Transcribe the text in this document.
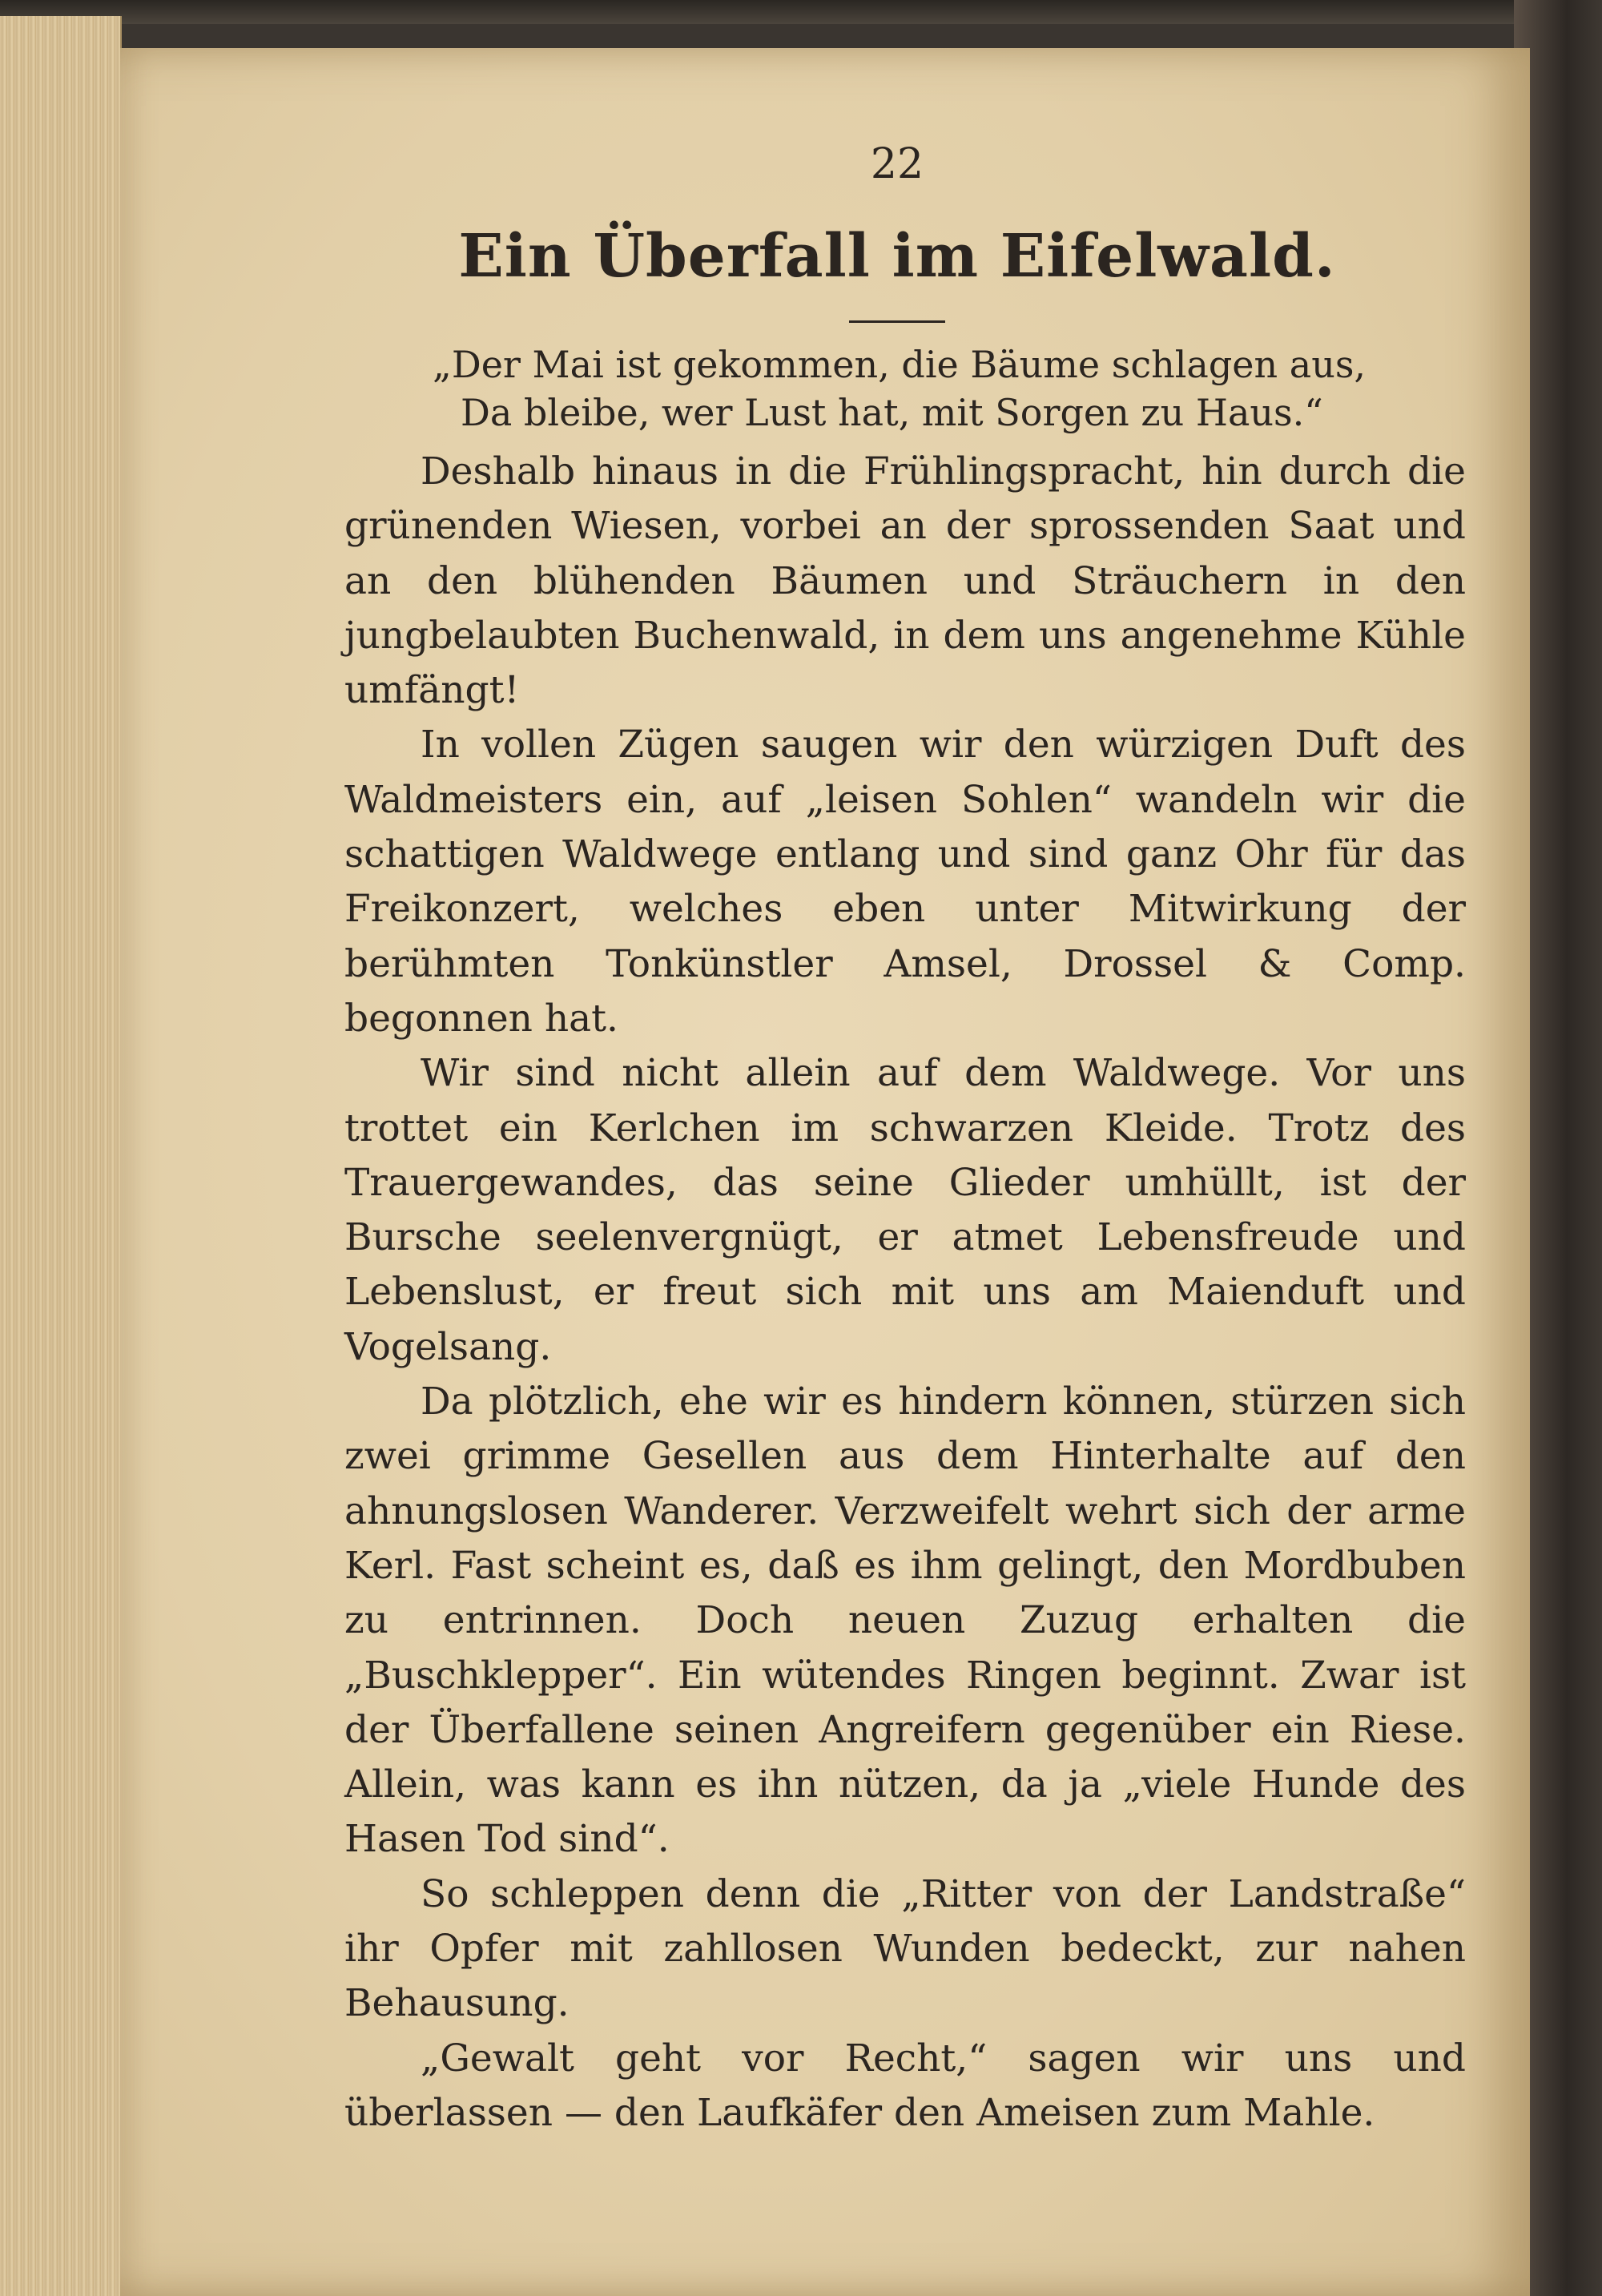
22
Ein Überfall im Eifelwald.
„Der Mai ist gekommen, die Bäume schlagen aus,
Da bleibe, wer Lust hat, mit Sorgen zu Haus.“

Deshalb hinaus in die Frühlingspracht, hin durch die grünenden Wiesen, vorbei an der sprossenden Saat und an den blühenden Bäumen und Sträuchern in den jungbelaubten Buchenwald, in dem uns angenehme Kühle umfängt!

In vollen Zügen saugen wir den würzigen Duft des Waldmeisters ein, auf „leisen Sohlen“ wandeln wir die schattigen Waldwege entlang und sind ganz Ohr für das Freikonzert, welches eben unter Mitwirkung der berühmten Tonkünstler Amsel, Drossel & Comp. begonnen hat.

Wir sind nicht allein auf dem Waldwege. Vor uns trottet ein Kerlchen im schwarzen Kleide. Trotz des Trauergewandes, das seine Glieder umhüllt, ist der Bursche seelenvergnügt, er atmet Lebensfreude und Lebenslust, er freut sich mit uns am Maienduft und Vogelsang.

Da plötzlich, ehe wir es hindern können, stürzen sich zwei grimme Gesellen aus dem Hinterhalte auf den ahnungslosen Wanderer. Verzweifelt wehrt sich der arme Kerl. Fast scheint es, daß es ihm gelingt, den Mordbuben zu entrinnen. Doch neuen Zuzug erhalten die „Buschklepper“. Ein wütendes Ringen beginnt. Zwar ist der Überfallene seinen Angreifern gegenüber ein Riese. Allein, was kann es ihn nützen, da ja „viele Hunde des Hasen Tod sind“.

So schleppen denn die „Ritter von der Landstraße“ ihr Opfer mit zahllosen Wunden bedeckt, zur nahen Behausung.

„Gewalt geht vor Recht,“ sagen wir uns und überlassen — den Laufkäfer den Ameisen zum Mahle.
